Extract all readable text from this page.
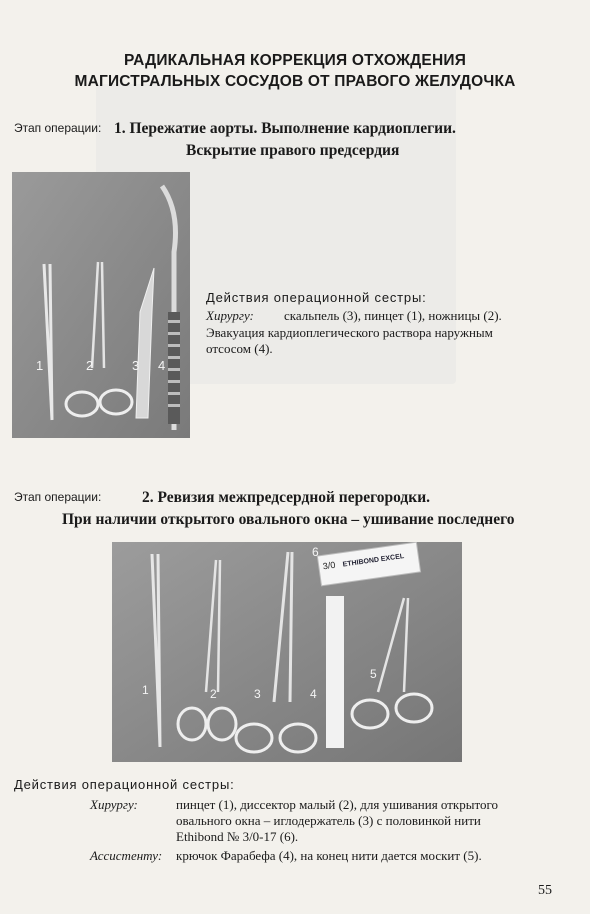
РАДИКАЛЬНАЯ КОРРЕКЦИЯ ОТХОЖДЕНИЯ
МАГИСТРАЛЬНЫХ СОСУДОВ ОТ ПРАВОГО ЖЕЛУДОЧКА
Этап операции: 1. Пережатие аорты. Выполнение кардиоплегии.
Вскрытие правого предсердия
1	2	3 4
Действия операционной сестры:
Хирургу: скальпель (3), пинцет (1), ножницы (2).
Эвакуация кардиоплегического раствора наружным
отсосом (4).
Этап операции:	2. Ревизия межпредсердной перегородки.
При наличии открытого овального окна – ушивание последнего
3/0 ETHIBOND EXCEL
1	2	3	4
5
6
Действия операционной сестры:
Хирургу:	пинцет (1), диссектор малый (2), для ушивания открытого
овального окна – иглодержатель (3) с половинкой нити
Ethibond № 3/0-17 (6).
Ассистенту: крючок Фарабефа (4), на конец нити дается москит (5).
55
